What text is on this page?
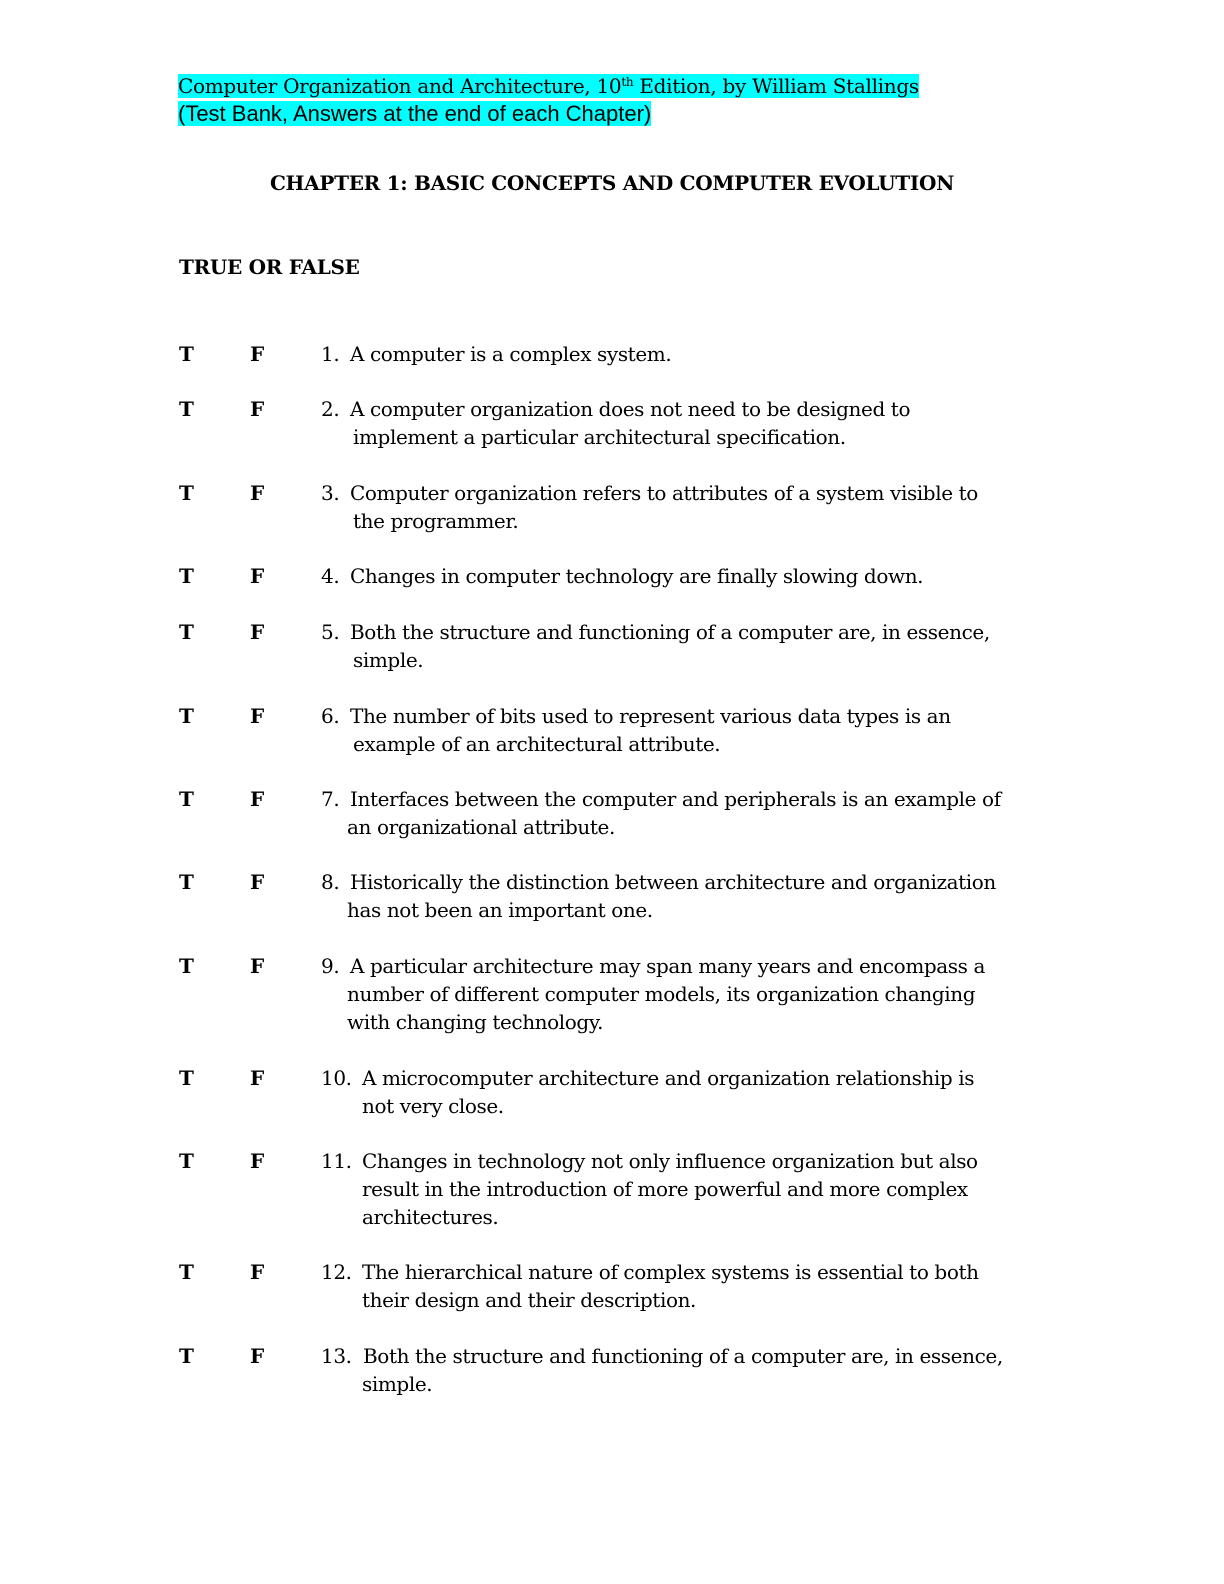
Computer Organization and Architecture, 10th Edition, by William Stallings
(Test Bank, Answers at the end of each Chapter)
CHAPTER 1: BASIC CONCEPTS AND COMPUTER EVOLUTION
TRUE OR FALSE
T	F	1. A computer is a complex system.
T	F	2. A computer organization does not need to be designed to
implement a particular architectural specification.
T	F	3. Computer organization refers to attributes of a system visible to
the programmer.
T	F	4. Changes in computer technology are finally slowing down.
T	F	5. Both the structure and functioning of a computer are, in essence,
simple.
T	F	6. The number of bits used to represent various data types is an
example of an architectural attribute.
T	F	7. Interfaces between the computer and peripherals is an example of
an organizational attribute.
T	F	8. Historically the distinction between architecture and organization
has not been an important one.
T	F	9. A particular architecture may span many years and encompass a
number of different computer models, its organization changing
with changing technology.
T	F	10. A microcomputer architecture and organization relationship is
not very close.
T	F	11. Changes in technology not only influence organization but also
result in the introduction of more powerful and more complex
architectures.
T	F	12. The hierarchical nature of complex systems is essential to both
their design and their description.
T	F	13. Both the structure and functioning of a computer are, in essence,
simple.
